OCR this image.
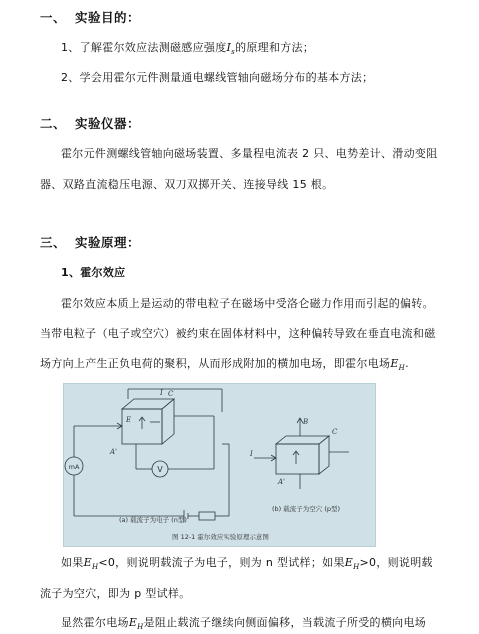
一、 实验目的：
1、了解霍尔效应法测磁感应强度$I_s$的原理和方法；
2、学会用霍尔元件测量通电螺线管轴向磁场分布的基本方法；
二、 实验仪器：
霍尔元件测螺线管轴向磁场装置、多量程电流表 2 只、电势差计、滑动变阻
器、双路直流稳压电源、双刀双掷开关、连接导线 15 根。
三、 实验原理：
1、霍尔效应
霍尔效应本质上是运动的带电粒子在磁场中受洛仑磁力作用而引起的偏转。
当带电粒子（电子或空穴）被约束在固体材料中，这种偏转导致在垂直电流和磁
场方向上产生正负电荷的聚积，从而形成附加的横加电场，即霍尔电场$E_H$.
I
E
C
I
B
C
A'
A'
mA	V
(a) 载流子为电子 (n型)
(b) 载流子为空穴 (p型)
图 12-1 霍尔效应实验原理示意图
如果$E_H<0$，则说明载流子为电子，则为 n 型试样；如果$E_H>0$，则说明载
流子为空穴，即为 p 型试样。
显然霍尔电场$E_H$是阻止载流子继续向侧面偏移，当载流子所受的横向电场
